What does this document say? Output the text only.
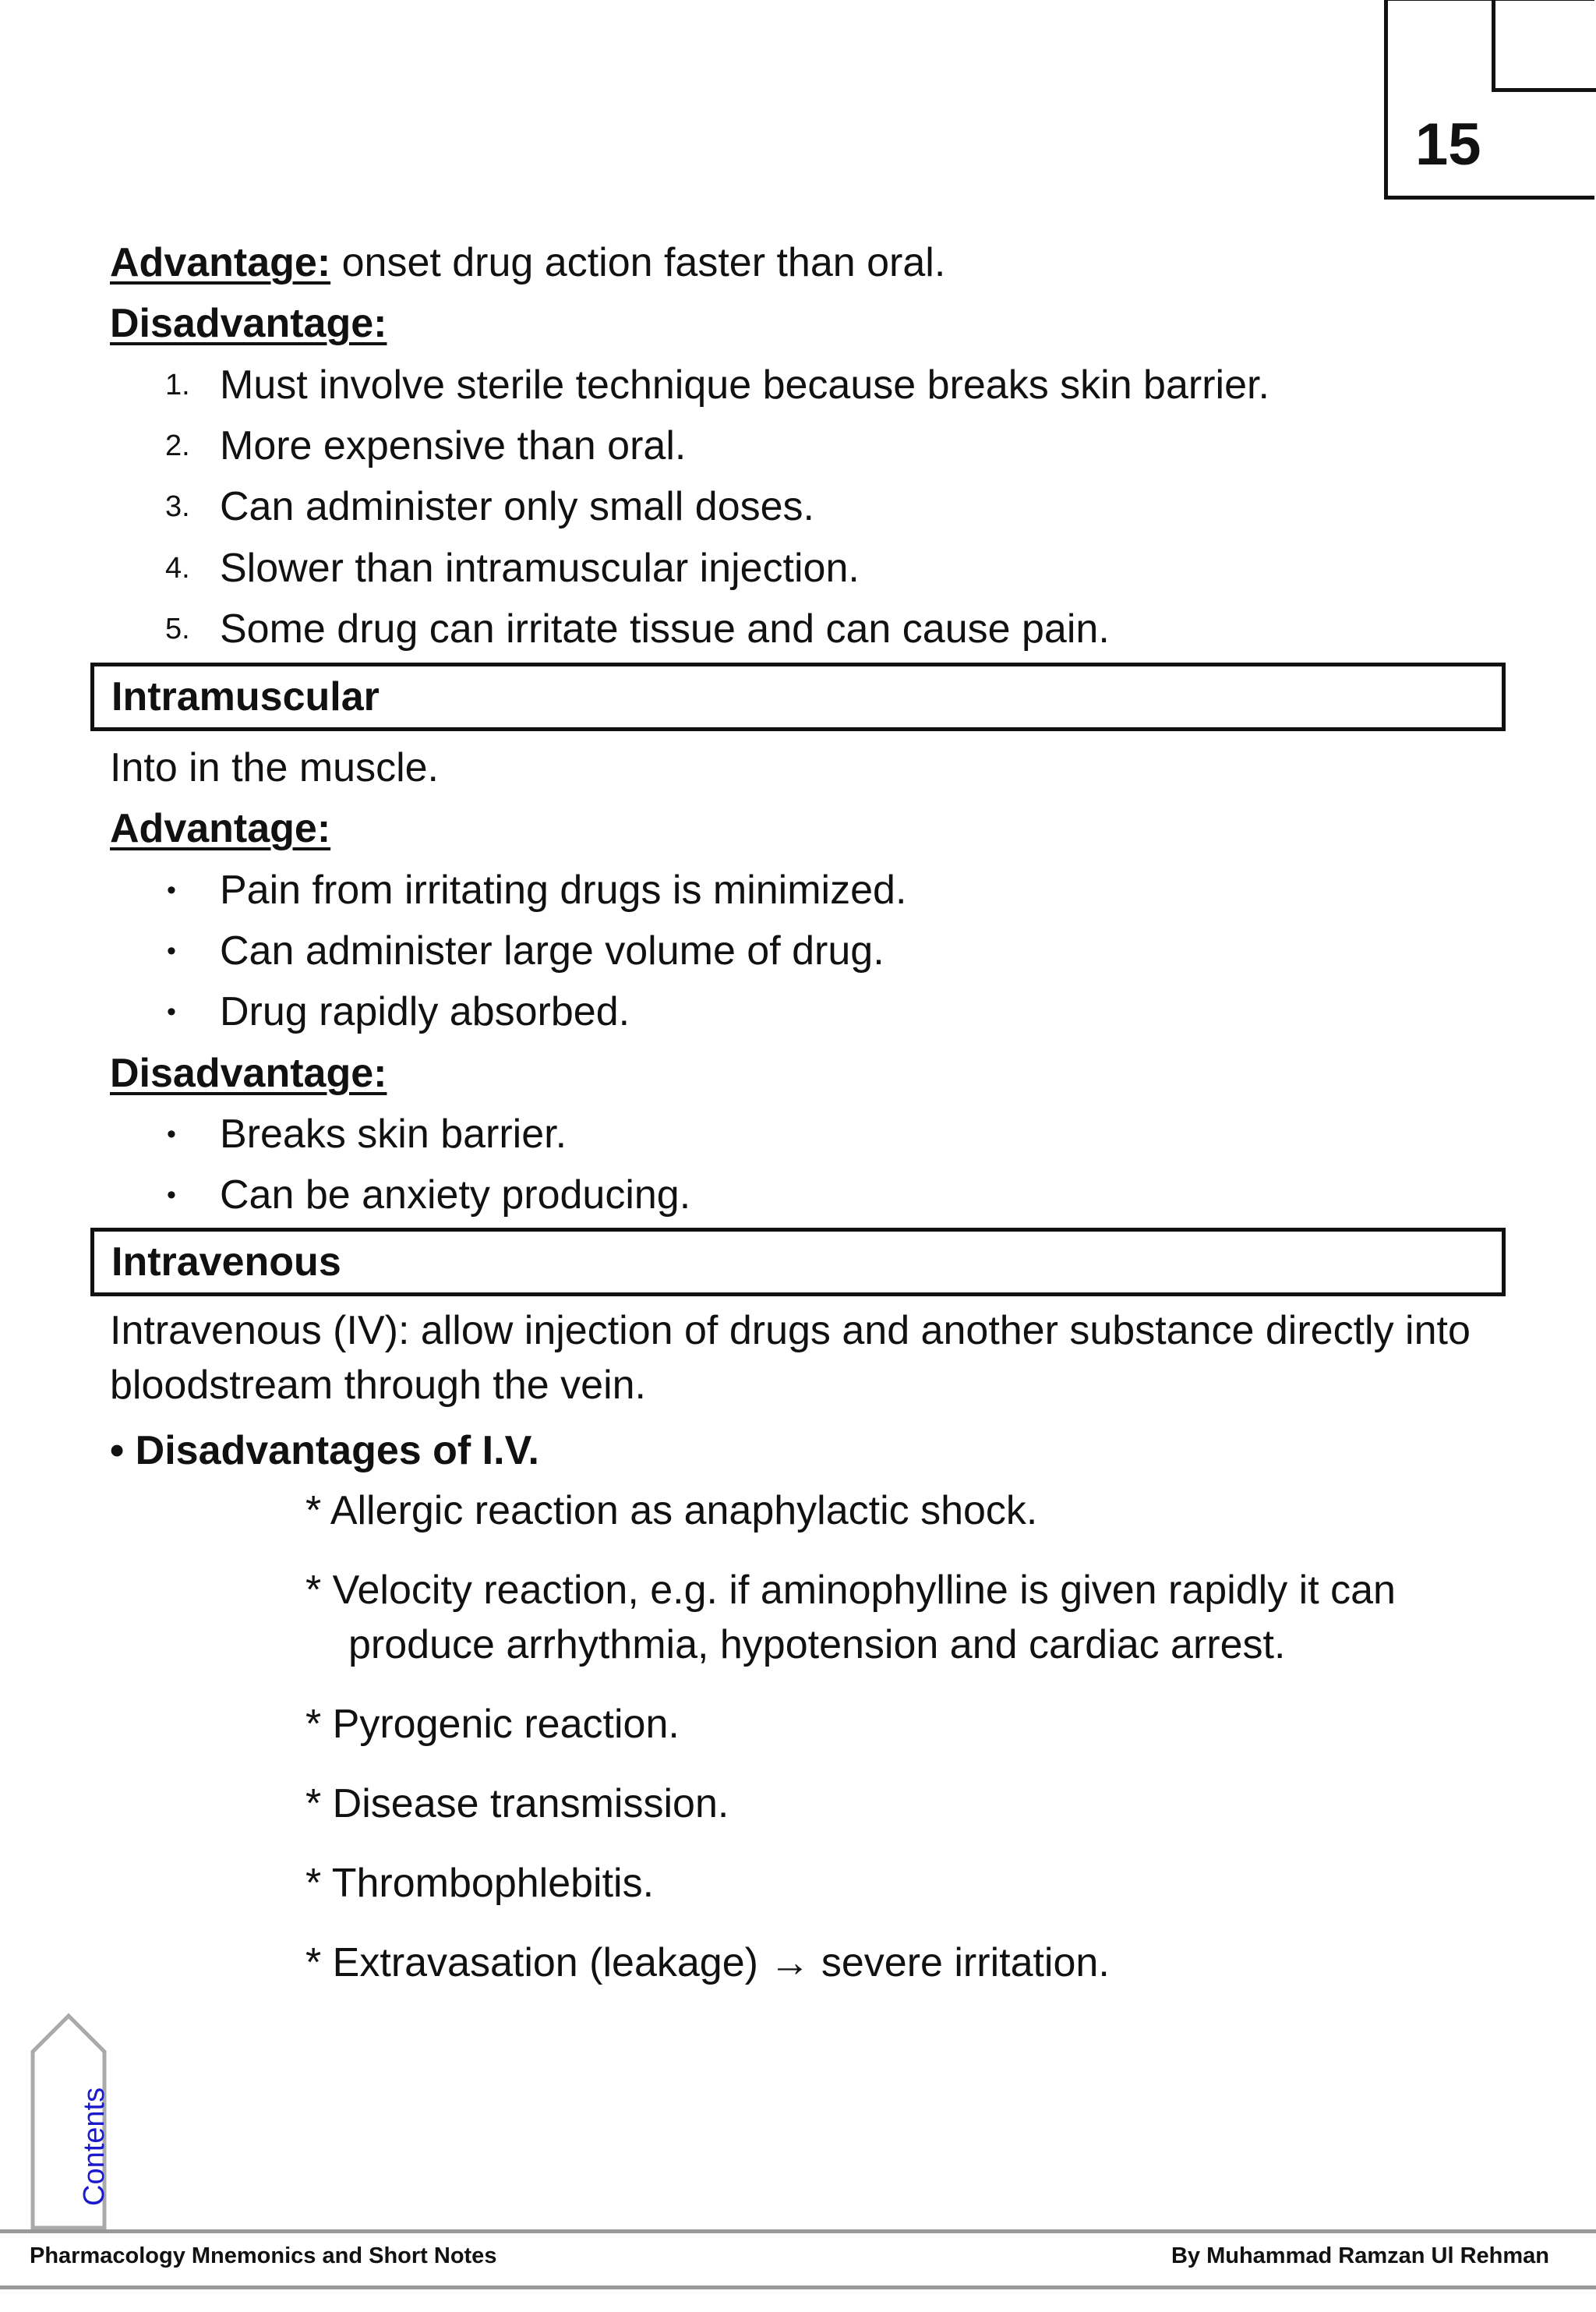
15
Advantage: onset drug action faster than oral.
Disadvantage:
1. Must involve sterile technique because breaks skin barrier.
2. More expensive than oral.
3. Can administer only small doses.
4. Slower than intramuscular injection.
5. Some drug can irritate tissue and can cause pain.
Intramuscular
Into in the muscle.
Advantage:
• Pain from irritating drugs is minimized.
• Can administer large volume of drug.
• Drug rapidly absorbed.
Disadvantage:
• Breaks skin barrier.
• Can be anxiety producing.
Intravenous
Intravenous (IV): allow injection of drugs and another substance directly into bloodstream through the vein.
• Disadvantages of I.V.
* Allergic reaction as anaphylactic shock.
* Velocity reaction, e.g. if aminophylline is given rapidly it can
produce arrhythmia, hypotension and cardiac arrest.
* Pyrogenic reaction.
* Disease transmission.
* Thrombophlebitis.
* Extravasation (leakage) → severe irritation.
Contents
Pharmacology Mnemonics and Short Notes	By Muhammad Ramzan Ul Rehman
